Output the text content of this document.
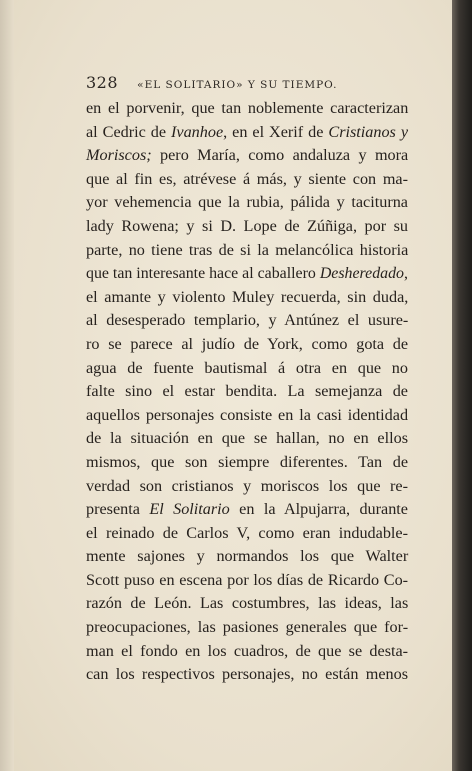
328 «EL SOLITARIO» Y SU TIEMPO.
en el porvenir, que tan noblemente caracterizan
al Cedric de Ivanhoe, en el Xerif de Cristianos y
Moriscos; pero María, como andaluza y mora
que al fin es, atrévese á más, y siente con ma-
yor vehemencia que la rubia, pálida y taciturna
lady Rowena; y si D. Lope de Zúñiga, por su
parte, no tiene tras de si la melancólica historia
que tan interesante hace al caballero Desheredado,
el amante y violento Muley recuerda, sin duda,
al desesperado templario, y Antúnez el usure-
ro se parece al judío de York, como gota de
agua de fuente bautismal á otra en que no
falte sino el estar bendita. La semejanza de
aquellos personajes consiste en la casi identidad
de la situación en que se hallan, no en ellos
mismos, que son siempre diferentes. Tan de
verdad son cristianos y moriscos los que re-
presenta El Solitario en la Alpujarra, durante
el reinado de Carlos V, como eran indudable-
mente sajones y normandos los que Walter
Scott puso en escena por los días de Ricardo Co-
razón de León. Las costumbres, las ideas, las
preocupaciones, las pasiones generales que for-
man el fondo en los cuadros, de que se desta-
can los respectivos personajes, no están menos
